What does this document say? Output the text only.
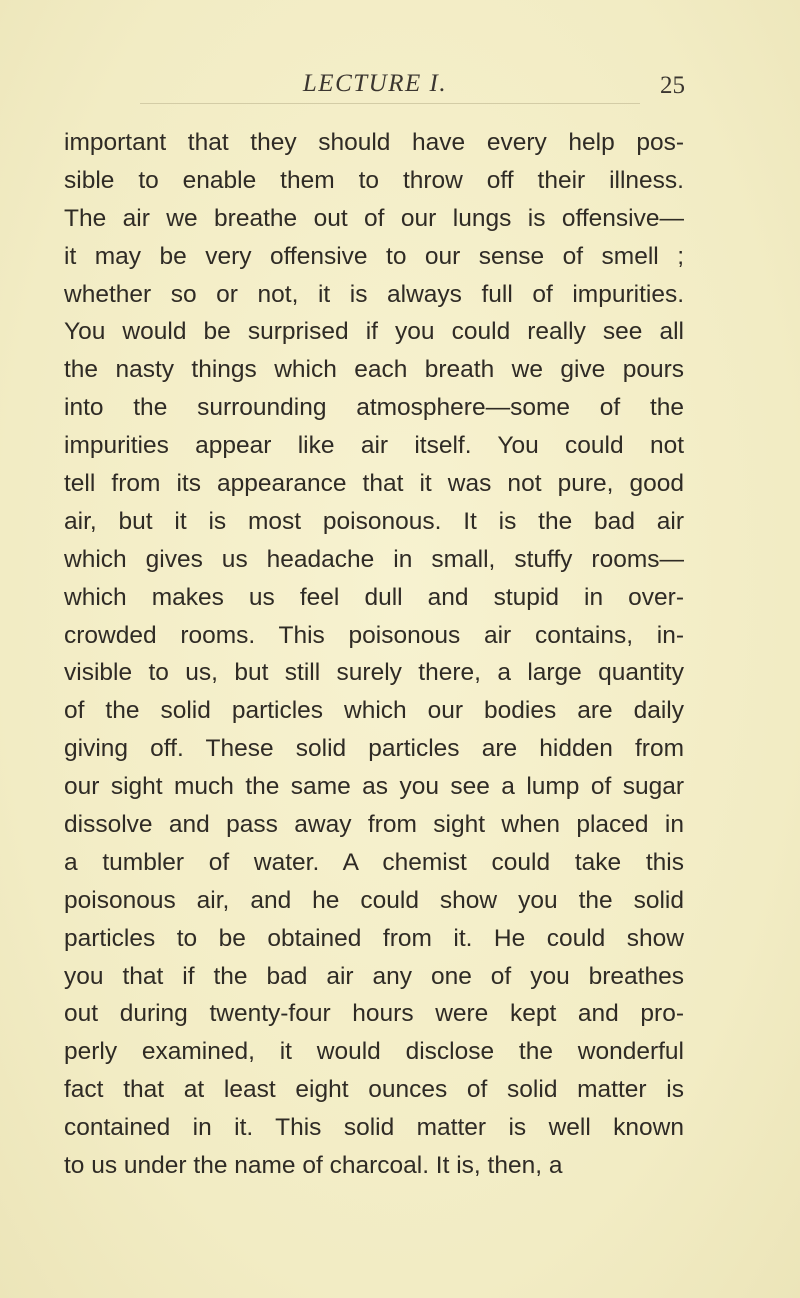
LECTURE I.	25
important that they should have every help pos-
sible to enable them to throw off their illness.
The air we breathe out of our lungs is offensive—
it may be very offensive to our sense of smell ;
whether so or not, it is always full of impurities.
You would be surprised if you could really see all
the nasty things which each breath we give pours
into the surrounding atmosphere—some of the
impurities appear like air itself. You could not
tell from its appearance that it was not pure, good
air, but it is most poisonous. It is the bad air
which gives us headache in small, stuffy rooms—
which makes us feel dull and stupid in over-
crowded rooms. This poisonous air contains, in-
visible to us, but still surely there, a large quantity
of the solid particles which our bodies are daily
giving off. These solid particles are hidden from
our sight much the same as you see a lump of sugar
dissolve and pass away from sight when placed in
a tumbler of water. A chemist could take this
poisonous air, and he could show you the solid
particles to be obtained from it. He could show
you that if the bad air any one of you breathes
out during twenty-four hours were kept and pro-
perly examined, it would disclose the wonderful
fact that at least eight ounces of solid matter is
contained in it. This solid matter is well known
to us under the name of charcoal. It is, then, a
